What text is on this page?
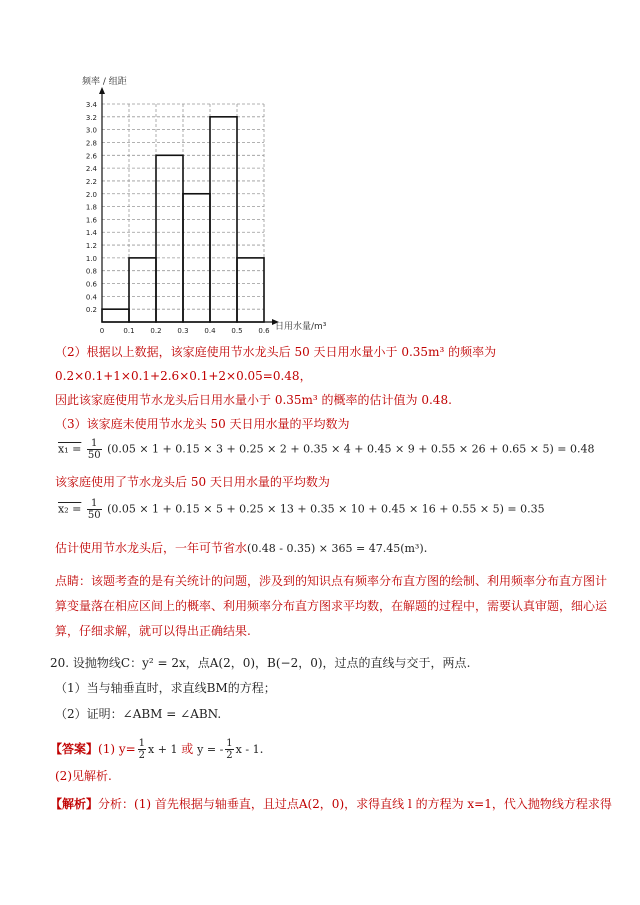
频率 / 组距
0.2
0.4
0.6
0.8
1.0
1.2
1.4
1.6
1.8
2.0
2.2
2.4
2.6
2.8
3.0
3.2
3.4
0	0.1 0.2 0.3 0.4 0.5 0.6 日用水量/m³
（2）根据以上数据，该家庭使用节水龙头后 50 天日用水量小于 0.35m³ 的频率为
0.2×0.1+1×0.1+2.6×0.1+2×0.05=0.48，
因此该家庭使用节水龙头后日用水量小于 0.35m³ 的概率的估计值为 0.48.
（3）该家庭未使用节水龙头 50 天日用水量的平均数为
$x_1 = \frac{1}{50} (0.05 \times 1 + 0.15 \times 3 + 0.25 \times 2 + 0.35 \times 4 + 0.45 \times 9 + 0.55 \times 26 + 0.65 \times 5) = 0.48$
该家庭使用了节水龙头后 50 天日用水量的平均数为
$x_2 = \frac{1}{50} (0.05 \times 1 + 0.15 \times 5 + 0.25 \times 13 + 0.35 \times 10 + 0.45 \times 16 + 0.55 \times 5) = 0.35$
估计使用节水龙头后，一年可节省水(0.48 - 0.35) × 365 = 47.45(m³).
点睛：该题考查的是有关统计的问题，涉及到的知识点有频率分布直方图的绘制、利用频率分布直方图计
算变量落在相应区间上的概率、利用频率分布直方图求平均数，在解题的过程中，需要认真审题，细心运
算，仔细求解，就可以得出正确结果.
20. 设抛物线C：y² = 2x，点A(2，0)，B(−2，0)，过点的直线与交于，两点.
（1）当与轴垂直时，求直线BM的方程；
（2）证明：∠ABM = ∠ABN.
【答案】(1) $y= \frac{1}{2}$ x + 1 或 y = - $\frac{1}{2}$ x - 1.
(2)见解析.
【解析】分析：(1) 首先根据与轴垂直，且过点A(2，0)，求得直线 l 的方程为 x=1，代入抛物线方程求得
